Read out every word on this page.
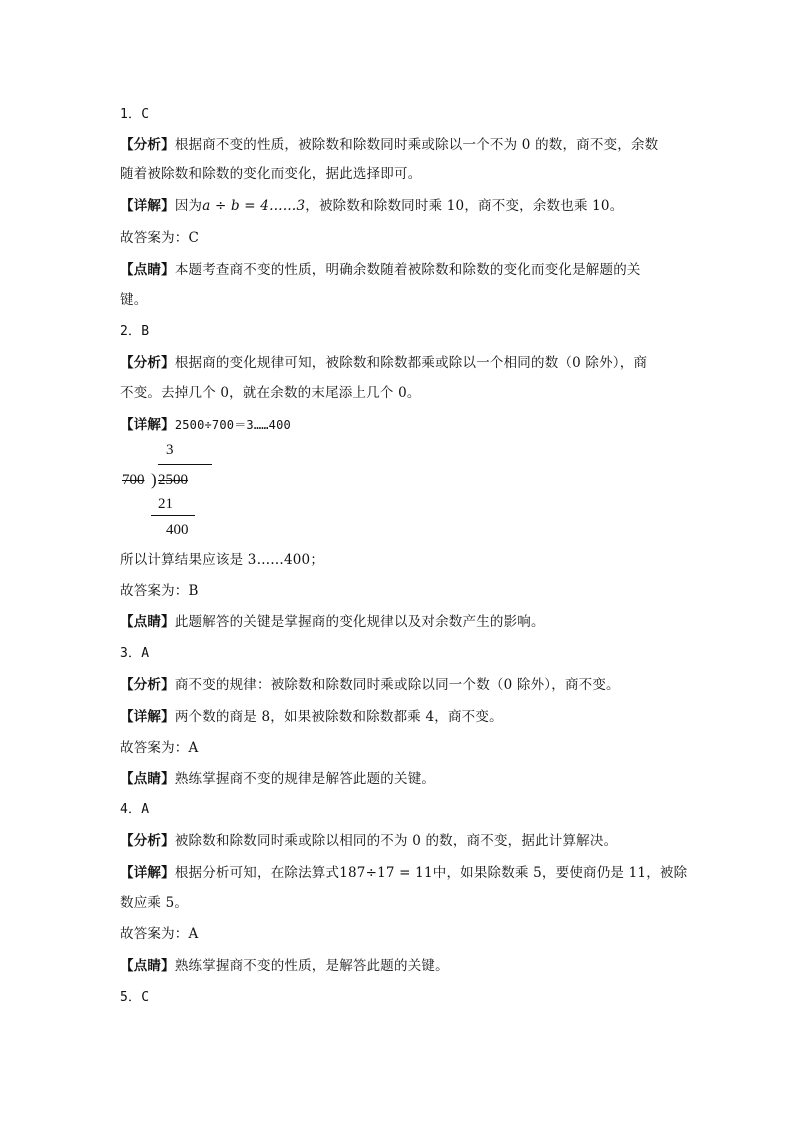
1．C
【分析】根据商不变的性质，被除数和除数同时乘或除以一个不为 0 的数，商不变，余数
随着被除数和除数的变化而变化，据此选择即可。
【详解】因为a ÷ b = 4……3，被除数和除数同时乘 10，商不变，余数也乘 10。
故答案为：C
【点睛】本题考查商不变的性质，明确余数随着被除数和除数的变化而变化是解题的关
键。
2．B
【分析】根据商的变化规律可知，被除数和除数都乘或除以一个相同的数（0 除外），商
不变。去掉几个 0，就在余数的末尾添上几个 0。
【详解】2500÷700＝3……400
3
700 ) 2500
21
400
所以计算结果应该是 3……400；
故答案为：B
【点睛】此题解答的关键是掌握商的变化规律以及对余数产生的影响。
3．A
【分析】商不变的规律：被除数和除数同时乘或除以同一个数（0 除外），商不变。
【详解】两个数的商是 8，如果被除数和除数都乘 4，商不变。
故答案为：A
【点睛】熟练掌握商不变的规律是解答此题的关键。
4．A
【分析】被除数和除数同时乘或除以相同的不为 0 的数，商不变，据此计算解决。
【详解】根据分析可知，在除法算式187÷17 = 11中，如果除数乘 5，要使商仍是 11，被除
数应乘 5。
故答案为：A
【点睛】熟练掌握商不变的性质，是解答此题的关键。
5．C
